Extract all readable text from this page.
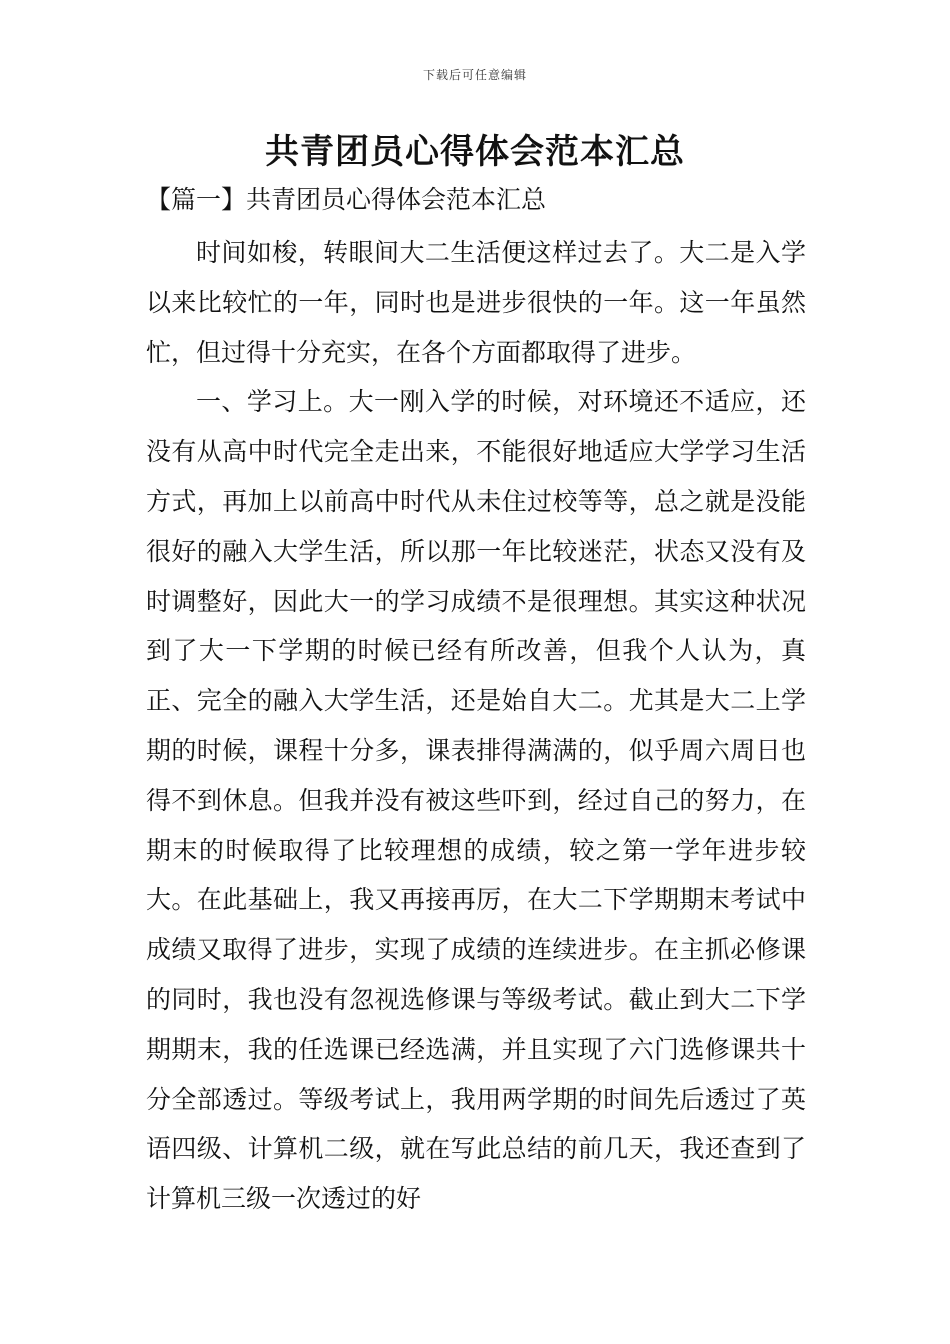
下载后可任意编辑
共青团员心得体会范本汇总
【篇一】共青团员心得体会范本汇总

时间如梭，转眼间大二生活便这样过去了。大二是入学以来比较忙的一年，同时也是进步很快的一年。这一年虽然忙，但过得十分充实，在各个方面都取得了进步。

一、学习上。大一刚入学的时候，对环境还不适应，还没有从高中时代完全走出来，不能很好地适应大学学习生活方式，再加上以前高中时代从未住过校等等，总之就是没能很好的融入大学生活，所以那一年比较迷茫，状态又没有及时调整好，因此大一的学习成绩不是很理想。其实这种状况到了大一下学期的时候已经有所改善，但我个人认为，真正、完全的融入大学生活，还是始自大二。尤其是大二上学期的时候，课程十分多，课表排得满满的，似乎周六周日也得不到休息。但我并没有被这些吓到，经过自己的努力，在期末的时候取得了比较理想的成绩，较之第一学年进步较大。在此基础上，我又再接再厉，在大二下学期期末考试中成绩又取得了进步，实现了成绩的连续进步。在主抓必修课的同时，我也没有忽视选修课与等级考试。截止到大二下学期期末，我的任选课已经选满，并且实现了六门选修课共十分全部透过。等级考试上，我用两学期的时间先后透过了英语四级、计算机二级，就在写此总结的前几天，我还查到了计算机三级一次透过的好
